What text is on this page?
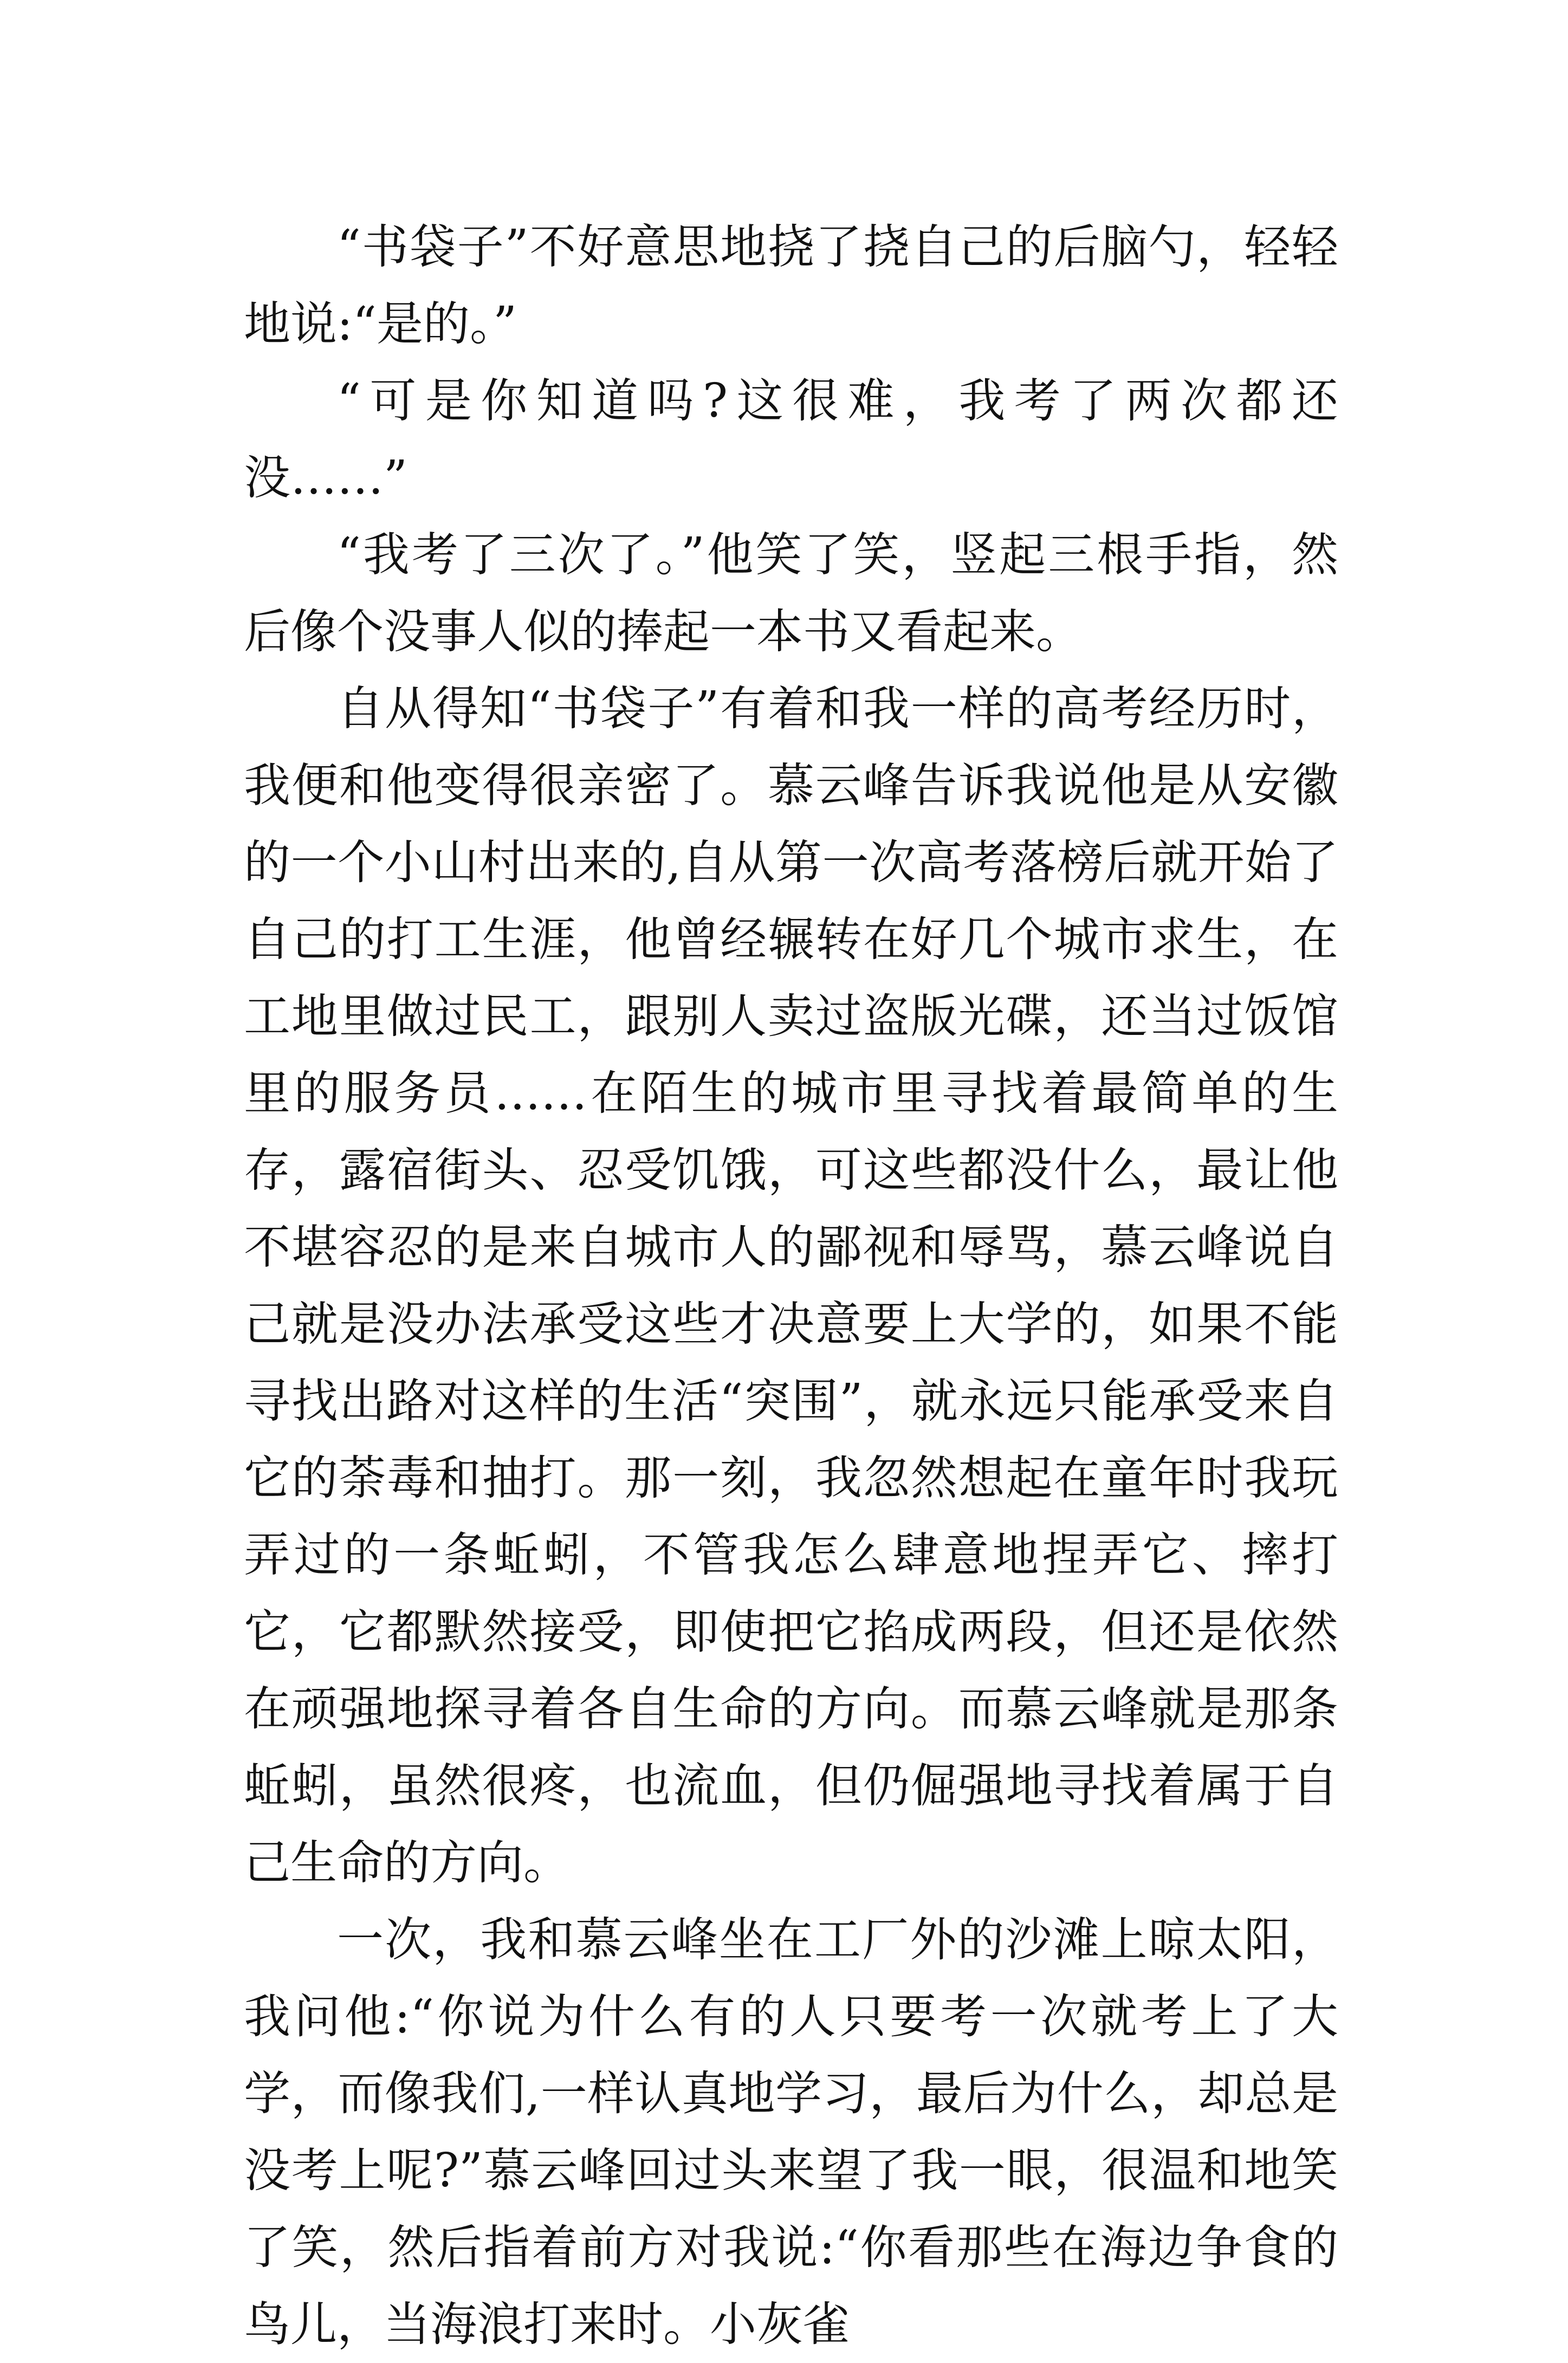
“书袋子”不好意思地挠了挠自己的后脑勺，轻轻地说:“是的。”

“可是你知道吗?这很难，我考了两次都还没……”

“我考了三次了。”他笑了笑，竖起三根手指，然后像个没事人似的捧起一本书又看起来。

自从得知“书袋子”有着和我一样的高考经历时，我便和他变得很亲密了。慕云峰告诉我说他是从安徽的一个小山村出来的,自从第一次高考落榜后就开始了自己的打工生涯，他曾经辗转在好几个城市求生，在工地里做过民工，跟别人卖过盗版光碟，还当过饭馆里的服务员……在陌生的城市里寻找着最简单的生存，露宿街头、忍受饥饿，可这些都没什么，最让他不堪容忍的是来自城市人的鄙视和辱骂，慕云峰说自己就是没办法承受这些才决意要上大学的，如果不能寻找出路对这样的生活“突围”，就永远只能承受来自它的荼毒和抽打。那一刻，我忽然想起在童年时我玩弄过的一条蚯蚓，不管我怎么肆意地捏弄它、摔打它，它都默然接受，即使把它掐成两段，但还是依然在顽强地探寻着各自生命的方向。而慕云峰就是那条蚯蚓，虽然很疼，也流血，但仍倔强地寻找着属于自己生命的方向。

一次，我和慕云峰坐在工厂外的沙滩上晾太阳，我问他:“你说为什么有的人只要考一次就考上了大学，而像我们,一样认真地学习，最后为什么，却总是没考上呢?”慕云峰回过头来望了我一眼，很温和地笑了笑，然后指着前方对我说:“你看那些在海边争食的鸟儿，当海浪打来时。小灰雀
